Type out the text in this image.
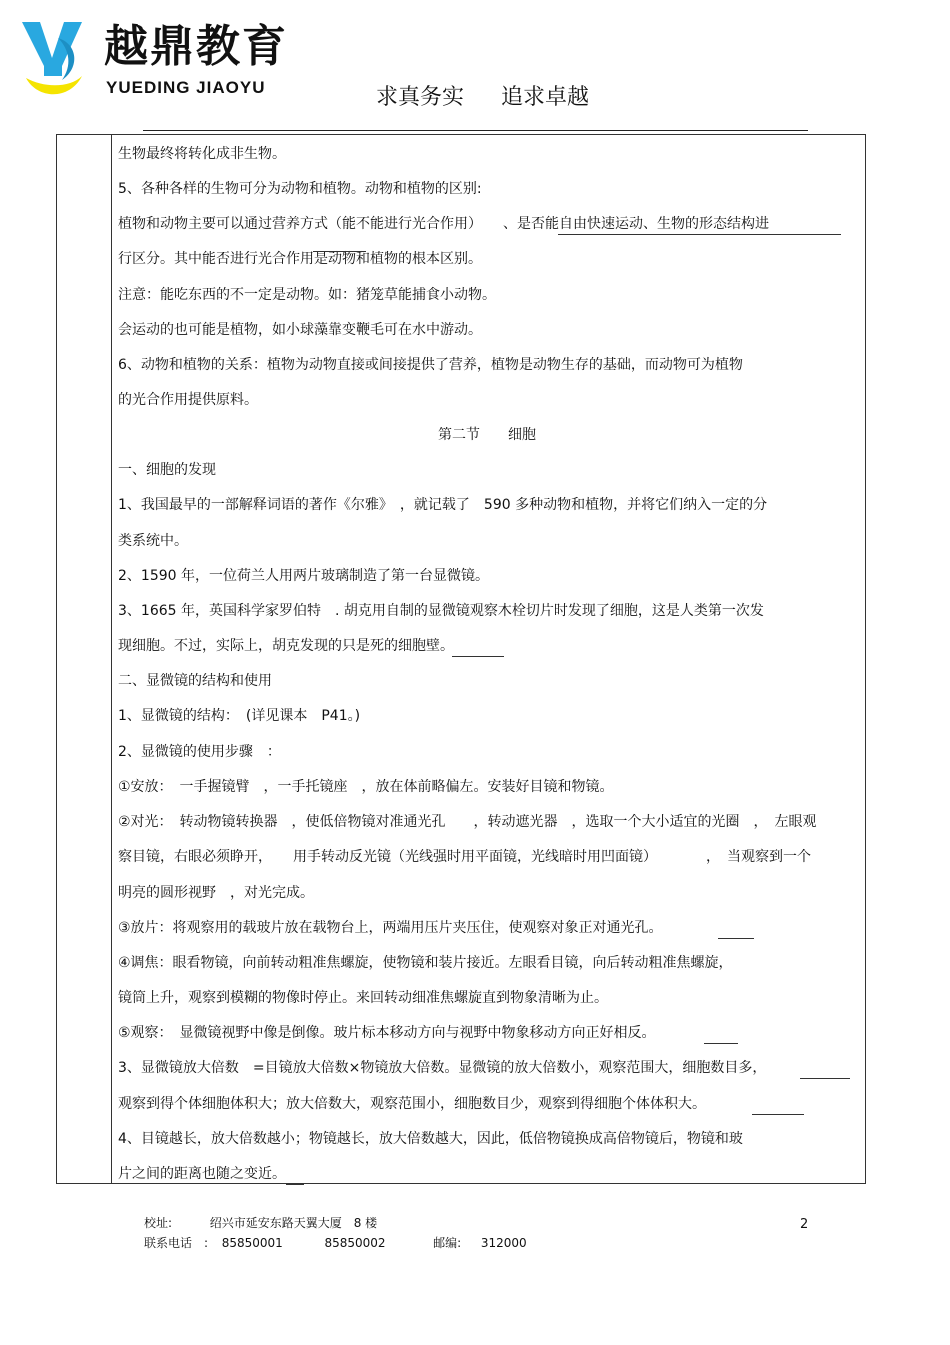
越鼎教育
YUEDING JIAOYU	求真务实 追求卓越
生物最终将转化成非生物。
5、各种各样的生物可分为动物和植物。动物和植物的区别:
植物和动物主要可以通过营养方式（能不能进行光合作用）　　、是否能自由快速运动、生物的形态结构进
行区分。其中能否进行光合作用是动物和植物的根本区别。
注意：能吃东西的不一定是动物。如：猪笼草能捕食小动物。
会运动的也可能是植物，如小球藻靠变鞭毛可在水中游动。
6、动物和植物的关系：植物为动物直接或间接提供了营养，植物是动物生存的基础，而动物可为植物
的光合作用提供原料。
第二节　　细胞
一、细胞的发现
1、我国最早的一部解释词语的著作《尔雅》　，就记载了　590 多种动物和植物，并将它们纳入一定的分
类系统中。
2、1590 年，一位荷兰人用两片玻璃制造了第一台显微镜。
3、1665 年，英国科学家罗伯特　. 胡克用自制的显微镜观察木栓切片时发现了细胞，这是人类第一次发
现细胞。不过，实际上，胡克发现的只是死的细胞壁。
二、显微镜的结构和使用
1、显微镜的结构：　(详见课本　P41。)
2、显微镜的使用步骤　：
①安放：　一手握镜臂　，一手托镜座　，放在体前略偏左。安装好目镜和物镜。
②对光：　转动物镜转换器　，使低倍物镜对准通光孔　　，转动遮光器　，选取一个大小适宜的光圈　，　左眼观
察目镜，右眼必须睁开，　　用手转动反光镜（光线强时用平面镜，光线暗时用凹面镜）　　　　，　当观察到一个
明亮的圆形视野　，对光完成。
③放片：将观察用的载玻片放在载物台上，两端用压片夹压住，使观察对象正对通光孔。
④调焦：眼看物镜，向前转动粗准焦螺旋，使物镜和装片接近。左眼看目镜，向后转动粗准焦螺旋，
镜筒上升，观察到模糊的物像时停止。来回转动细准焦螺旋直到物象清晰为止。
⑤观察：　显微镜视野中像是倒像。玻片标本移动方向与视野中物象移动方向正好相反。
3、显微镜放大倍数　=目镜放大倍数×物镜放大倍数。显微镜的放大倍数小，观察范围大，细胞数目多，
观察到得个体细胞体积大；放大倍数大，观察范围小，细胞数目少，观察到得细胞个体体积大。
4、目镜越长，放大倍数越小；物镜越长，放大倍数越大，因此，低倍物镜换成高倍物镜后，物镜和玻
片之间的距离也随之变近。
校址:	绍兴市延安东路天翼大厦　8 楼
联系电话　: 85850001	85850002	邮编: 312000
2
